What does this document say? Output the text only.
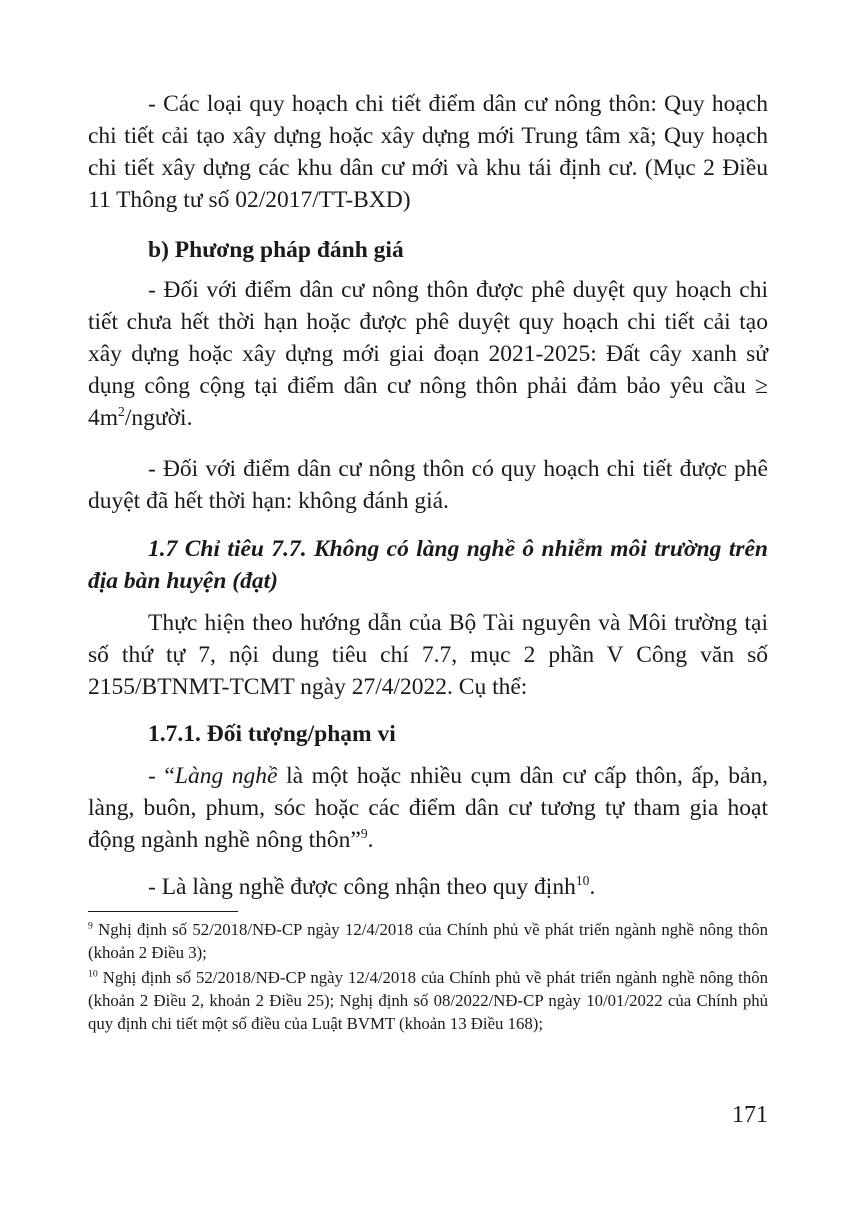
- Các loại quy hoạch chi tiết điểm dân cư nông thôn: Quy hoạch chi tiết cải tạo xây dựng hoặc xây dựng mới Trung tâm xã; Quy hoạch chi tiết xây dựng các khu dân cư mới và khu tái định cư. (Mục 2 Điều 11 Thông tư số 02/2017/TT-BXD)

b) Phương pháp đánh giá

- Đối với điểm dân cư nông thôn được phê duyệt quy hoạch chi tiết chưa hết thời hạn hoặc được phê duyệt quy hoạch chi tiết cải tạo xây dựng hoặc xây dựng mới giai đoạn 2021-2025: Đất cây xanh sử dụng công cộng tại điểm dân cư nông thôn phải đảm bảo yêu cầu ≥ $4m^2$/người.

- Đối với điểm dân cư nông thôn có quy hoạch chi tiết được phê duyệt đã hết thời hạn: không đánh giá.

1.7 Chỉ tiêu 7.7. Không có làng nghề ô nhiễm môi trường trên địa bàn huyện (đạt)

Thực hiện theo hướng dẫn của Bộ Tài nguyên và Môi trường tại số thứ tự 7, nội dung tiêu chí 7.7, mục 2 phần V Công văn số 2155/BTNMT-TCMT ngày 27/4/2022. Cụ thể:

1.7.1. Đối tượng/phạm vi

- “Làng nghề là một hoặc nhiều cụm dân cư cấp thôn, ấp, bản, làng, buôn, phum, sóc hoặc các điểm dân cư tương tự tham gia hoạt động ngành nghề nông thôn”$^9$.

- Là làng nghề được công nhận theo quy định$^{10}$.

$^9$ Nghị định số 52/2018/NĐ-CP ngày 12/4/2018 của Chính phủ về phát triển ngành nghề nông thôn (khoản 2 Điều 3);

$^{10}$ Nghị định số 52/2018/NĐ-CP ngày 12/4/2018 của Chính phủ về phát triển ngành nghề nông thôn (khoản 2 Điều 2, khoản 2 Điều 25); Nghị định số 08/2022/NĐ-CP ngày 10/01/2022 của Chính phủ quy định chi tiết một số điều của Luật BVMT (khoản 13 Điều 168);

171
